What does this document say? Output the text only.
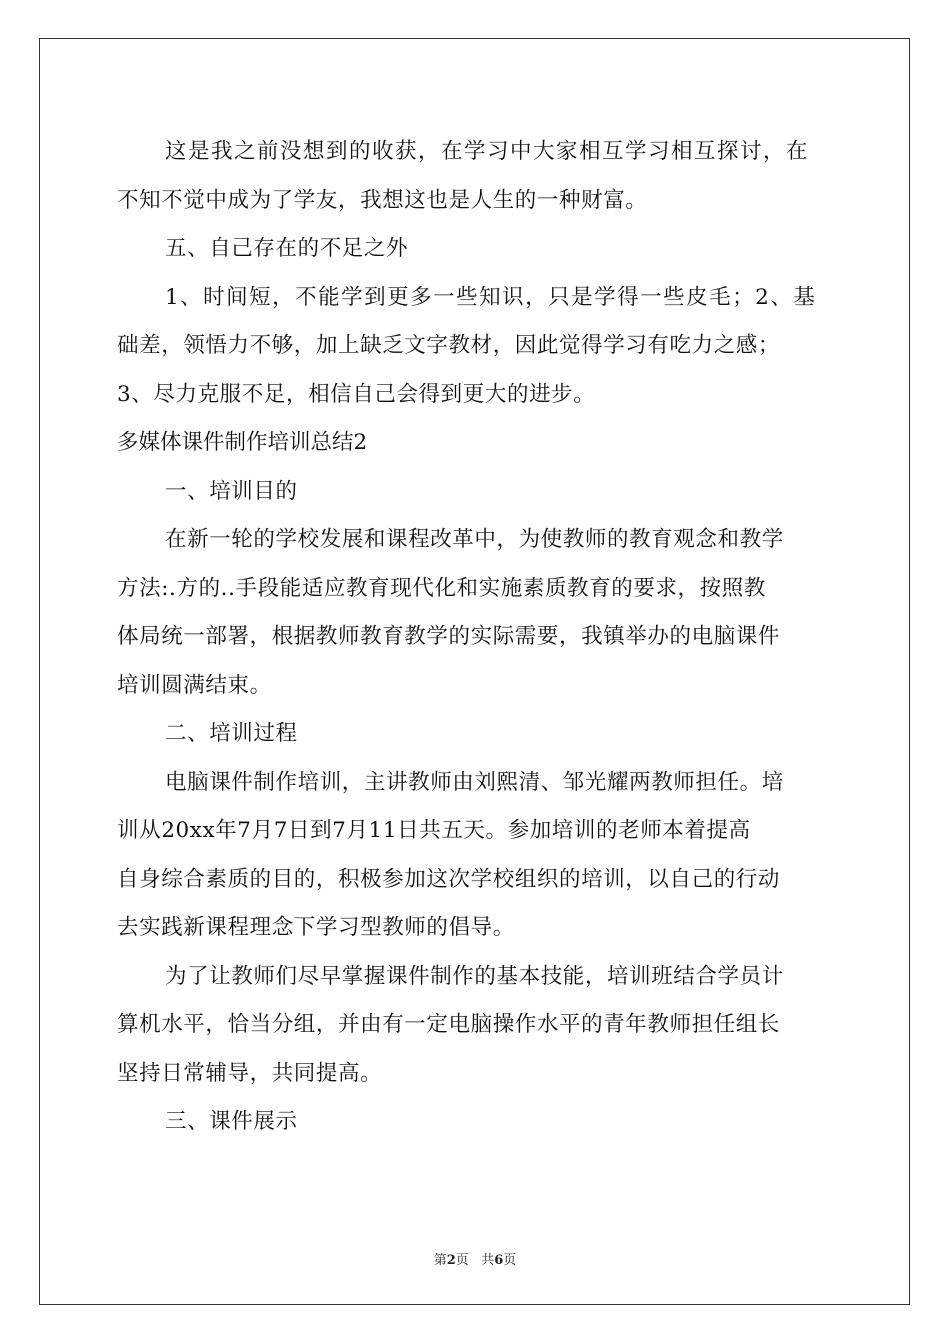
这是我之前没想到的收获，在学习中大家相互学习相互探讨，在
不知不觉中成为了学友，我想这也是人生的一种财富。
五、自己存在的不足之外
1、时间短，不能学到更多一些知识，只是学得一些皮毛；2、基
础差，领悟力不够，加上缺乏文字教材，因此觉得学习有吃力之感；
3、尽力克服不足，相信自己会得到更大的进步。
多媒体课件制作培训总结2
一、培训目的
在新一轮的学校发展和课程改革中，为使教师的教育观念和教学
方法:.方的..手段能适应教育现代化和实施素质教育的要求，按照教
体局统一部署，根据教师教育教学的实际需要，我镇举办的电脑课件
培训圆满结束。
二、培训过程
电脑课件制作培训，主讲教师由刘熙清、邹光耀两教师担任。培
训从20xx年7月7日到7月11日共五天。参加培训的老师本着提高
自身综合素质的目的，积极参加这次学校组织的培训，以自己的行动
去实践新课程理念下学习型教师的倡导。
为了让教师们尽早掌握课件制作的基本技能，培训班结合学员计
算机水平，恰当分组，并由有一定电脑操作水平的青年教师担任组长
坚持日常辅导，共同提高。
三、课件展示
第2页 共6页
